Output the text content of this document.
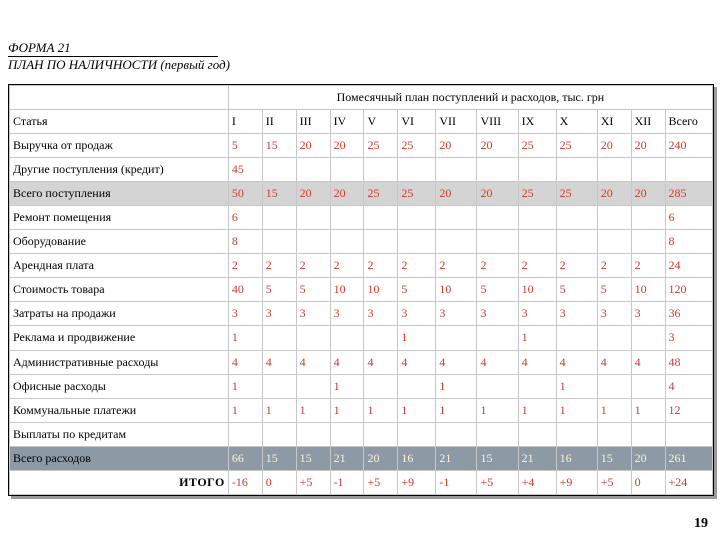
ФОРМА 21
ПЛАН ПО НАЛИЧНОСТИ (первый год)
	Помесячный план поступлений и расходов, тыс. грн												
Статья	I	II	III	IV	V	VI	VII	VIII	IX	X	XI	XII	Всего
Выручка от продаж	5	15	20	20	25	25	20	20	25	25	20	20	240
Другие поступления (кредит)	45												
Всего поступления	50	15	20	20	25	25	20	20	25	25	20	20	285
Ремонт помещения	6												6
Оборудование	8												8
Арендная плата	2	2	2	2	2	2	2	2	2	2	2	2	24
Стоимость товара	40	5	5	10	10	5	10	5	10	5	5	10	120
Затраты на продажи	3	3	3	3	3	3	3	3	3	3	3	3	36
Реклама и продвижение	1					1			1				3
Административные расходы	4	4	4	4	4	4	4	4	4	4	4	4	48
Офисные расходы	1			1			1			1			4
Коммунальные платежи	1	1	1	1	1	1	1	1	1	1	1	1	12
Выплаты по кредитам													
Всего расходов	66	15	15	21	20	16	21	15	21	16	15	20	261
ИТОГО	-16	0	+5	-1	+5	+9	-1	+5	+4	+9	+5	0	+24
19
